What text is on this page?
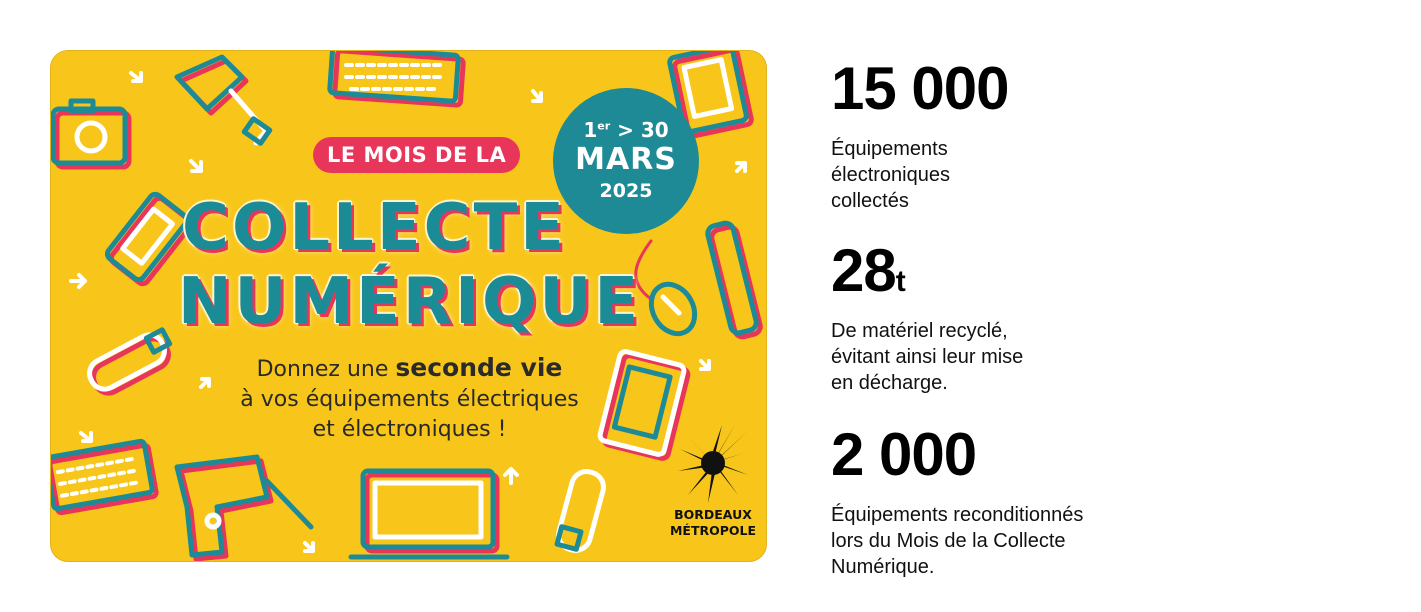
LE MOIS DE LA
COLLECTE
NUMÉRIQUE
Donnez une seconde vie
à vos équipements électriques
et électroniques !
1er > 30
MARS
2025
BORDEAUX
MÉTROPOLE
15 000
Équipements
électroniques
collectés
28t
De matériel recyclé,
évitant ainsi leur mise
en décharge.
2 000
Équipements reconditionnés
lors du Mois de la Collecte
Numérique.
